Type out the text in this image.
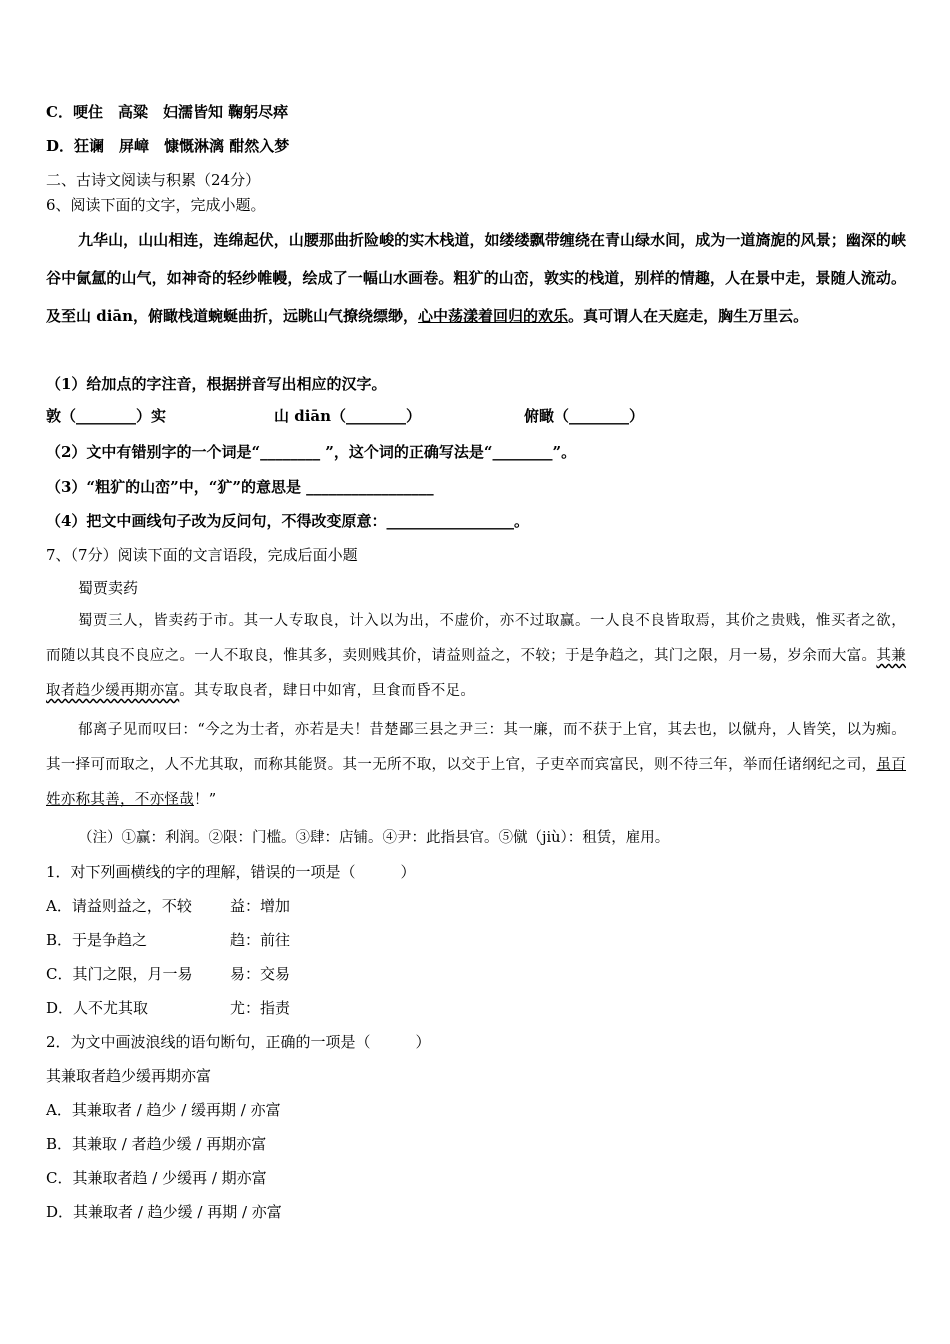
C．哽住　高粱　妇濡皆知 鞠躬尽瘁
D．狂谰　屏嶂　慷慨淋漓 酣然入梦
二、古诗文阅读与积累（24分）
6、阅读下面的文字，完成小题。
九华山，山山相连，连绵起伏，山腰那曲折险峻的实木栈道，如缕缕飘带缠绕在青山绿水间，成为一道旖旎的风景；幽深的峡谷中氤氲的山气，如神奇的轻纱帷幔，绘成了一幅山水画卷。粗犷的山峦，敦实的栈道，别样的情趣，人在景中走，景随人流动。及至山 diān，俯瞰栈道蜿蜒曲折，远眺山气撩绕缥缈，心中荡漾着回归的欢乐。真可谓人在天庭走，胸生万里云。
（1）给加点的字注音，根据拼音写出相应的汉字。
敦（________）实	山 diān（________）	俯瞰（________）
（2）文中有错别字的一个词是“________ ”，这个词的正确写法是“________”。
（3）“粗犷的山峦”中，“犷”的意思是 _________________
（4）把文中画线句子改为反问句，不得改变原意：_________________。
7、（7分）阅读下面的文言语段，完成后面小题
蜀贾卖药
蜀贾三人，皆卖药于市。其一人专取良，计入以为出，不虚价，亦不过取赢。一人良不良皆取焉，其价之贵贱，惟买者之欲，而随以其良不良应之。一人不取良，惟其多，卖则贱其价，请益则益之，不较；于是争趋之，其门之限，月一易，岁余而大富。其兼取者趋少缓再期亦富。其专取良者，肆日中如宵，旦食而昏不足。
郁离子见而叹曰：“今之为士者，亦若是夫！昔楚鄙三县之尹三：其一廉，而不获于上官，其去也，以僦舟，人皆笑，以为痴。其一择可而取之，人不尤其取，而称其能贤。其一无所不取，以交于上官，子吏卒而宾富民，则不待三年，举而任诸纲纪之司，虽百姓亦称其善，不亦怪哉！”
（注）①赢：利润。②限：门槛。③肆：店铺。④尹：此指县官。⑤僦（jiù）：租赁，雇用。
1．对下列画横线的字的理解，错误的一项是（　　　）
A．请益则益之，不较	益：增加
B．于是争趋之	趋：前往
C．其门之限，月一易	易：交易
D．人不尤其取	尤：指责
2．为文中画波浪线的语句断句，正确的一项是（　　　）
其兼取者趋少缓再期亦富
A．其兼取者 / 趋少 / 缓再期 / 亦富
B．其兼取 / 者趋少缓 / 再期亦富
C．其兼取者趋 / 少缓再 / 期亦富
D．其兼取者 / 趋少缓 / 再期 / 亦富
